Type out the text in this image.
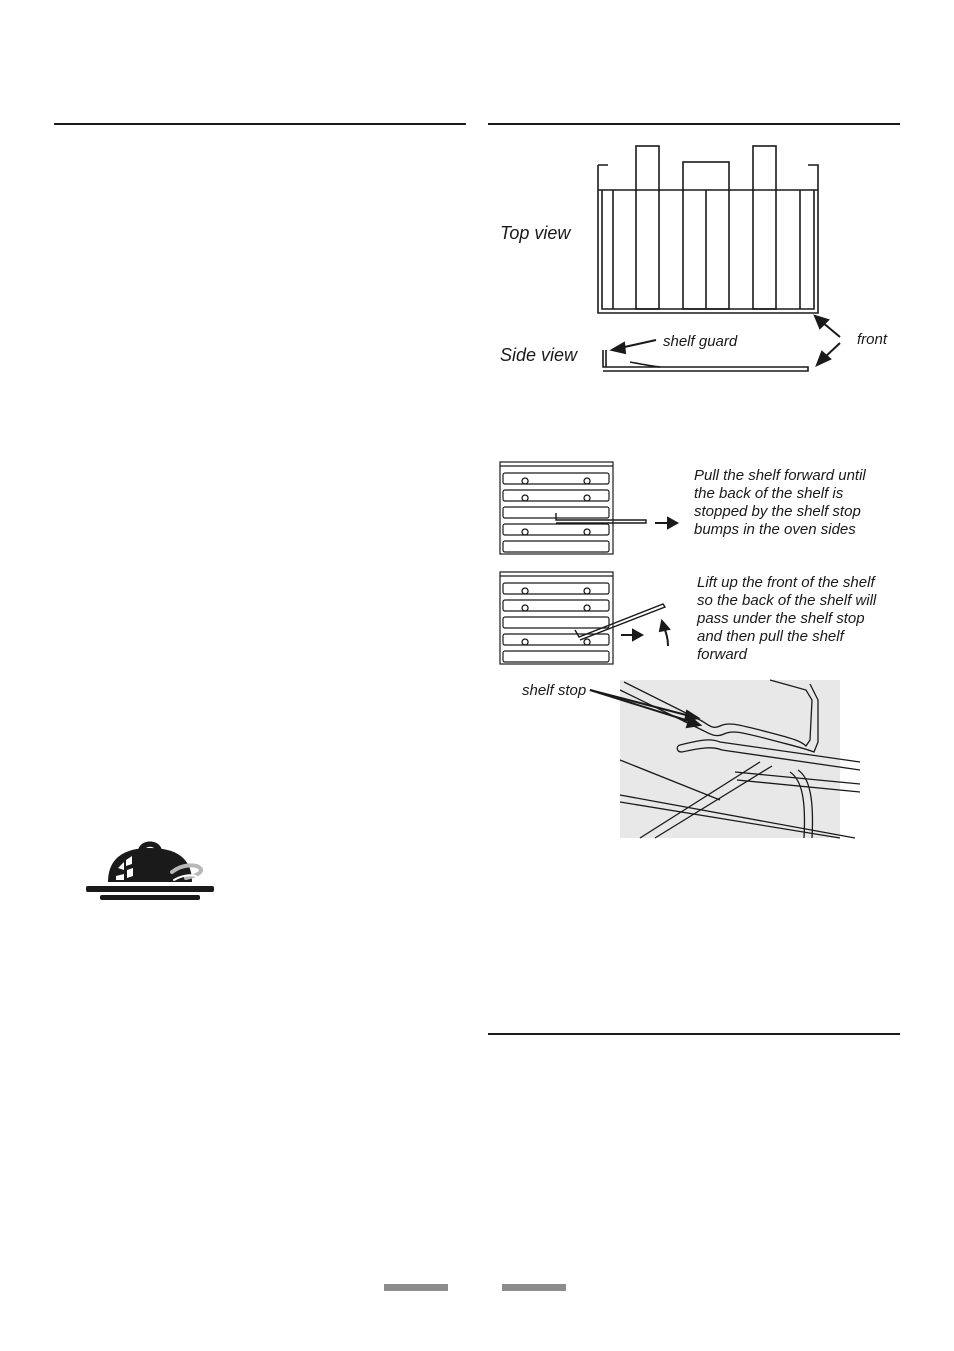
Top view
Side view
shelf guard	front
Pull the shelf forward until
the back of the shelf is
stopped by the shelf stop
bumps in the oven sides
Lift up the front of the shelf
so the back of the shelf will
pass under the shelf stop
and then pull the shelf
forward
shelf stop
